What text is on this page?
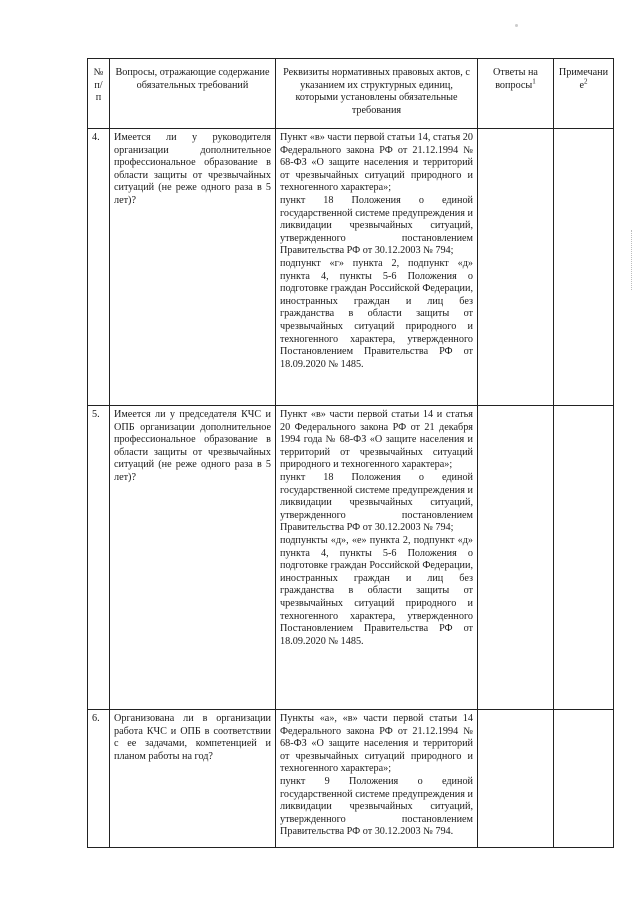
№ п/п	Вопросы, отражающие содержание обязательных требований	Реквизиты нормативных правовых актов, с указанием их структурных единиц, которыми установлены обязательные требования	Ответы на вопросы$^1$	Примечание$^2$
4.	Имеется ли у руководителя организации дополнительное профессиональное образование в области защиты от чрезвычайных ситуаций (не реже одного раза в 5 лет)?	Пункт «в» части первой статьи 14, статья 20 Федерального закона РФ от 21.12.1994 № 68-ФЗ «О защите населения и территорий от чрезвычайных ситуаций природного и техногенного характера»;

пункт 18 Положения о единой государственной системе предупреждения и ликвидации чрезвычайных ситуаций, утвержденного постановлением Правительства РФ от 30.12.2003 № 794;

подпункт «г» пункта 2, подпункт «д» пункта 4, пункты 5-6 Положения о подготовке граждан Российской Федерации, иностранных граждан и лиц без гражданства в области защиты от чрезвычайных ситуаций природного и техногенного характера, утвержденного Постановлением Правительства РФ от 18.09.2020 № 1485.		

5.	Имеется ли у председателя КЧС и ОПБ организации дополнительное профессиональное образование в области защиты от чрезвычайных ситуаций (не реже одного раза в 5 лет)?	Пункт «в» части первой статьи 14 и статья 20 Федерального закона РФ от 21 декабря 1994 года № 68-ФЗ «О защите населения и территорий от чрезвычайных ситуаций природного и техногенного характера»;

пункт 18 Положения о единой государственной системе предупреждения и ликвидации чрезвычайных ситуаций, утвержденного постановлением Правительства РФ от 30.12.2003 № 794;

подпункты «д», «е» пункта 2, подпункт «д» пункта 4, пункты 5-6 Положения о подготовке граждан Российской Федерации, иностранных граждан и лиц без гражданства в области защиты от чрезвычайных ситуаций природного и техногенного характера, утвержденного Постановлением Правительства РФ от 18.09.2020 № 1485.		

6.	Организована ли в организации работа КЧС и ОПБ в соответствии с ее задачами, компетенцией и планом работы на год?	Пункты «а», «в» части первой статьи 14 Федерального закона РФ от 21.12.1994 № 68-ФЗ «О защите населения и территорий от чрезвычайных ситуаций природного и техногенного характера»;

пункт 9 Положения о единой государственной системе предупреждения и ликвидации чрезвычайных ситуаций, утвержденного постановлением Правительства РФ от 30.12.2003 № 794.		
